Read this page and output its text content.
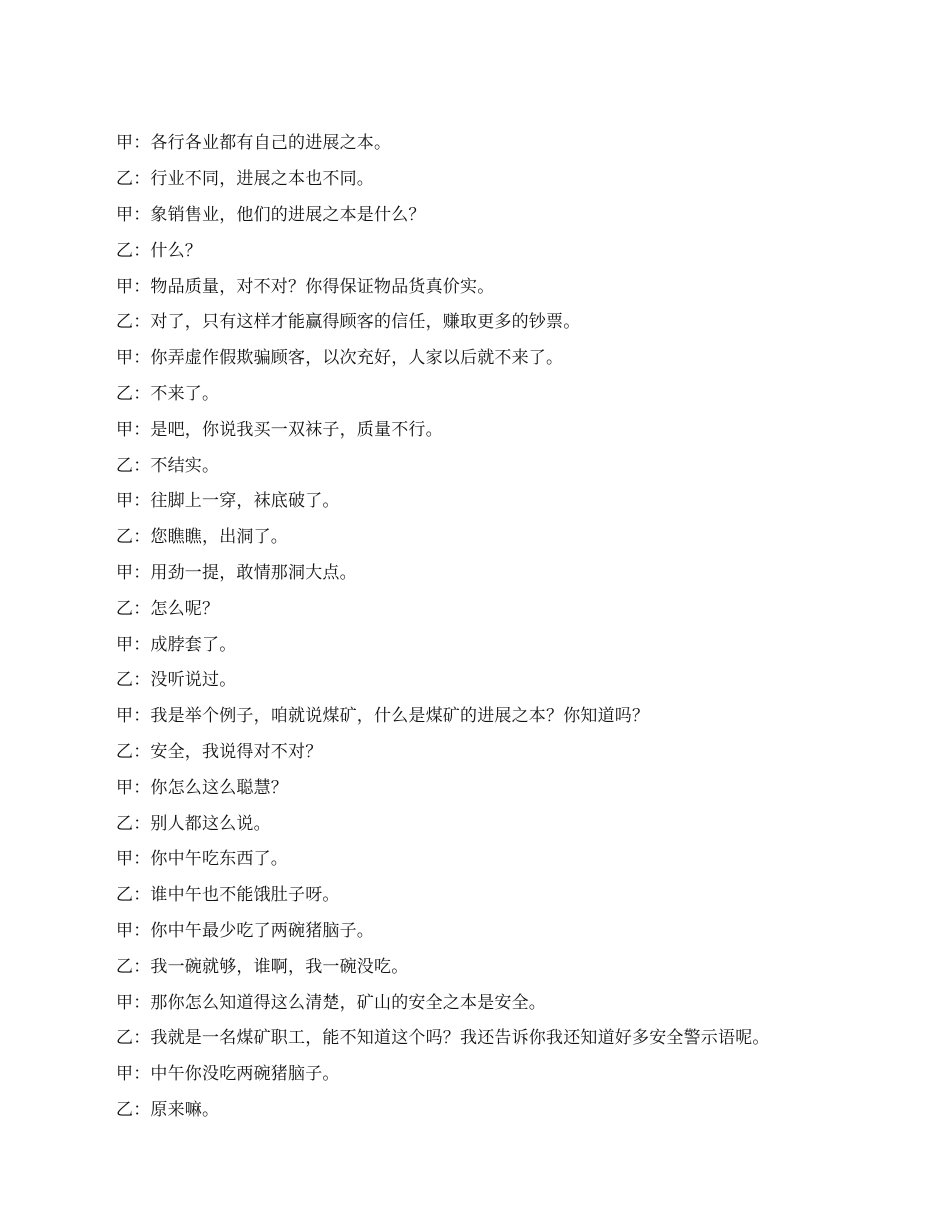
甲： 各行各业都有自己的进展之本。
乙： 行业不同，进展之本也不同。
甲： 象销售业，他们的进展之本是什么？
乙： 什么？
甲： 物品质量，对不对？你得保证物品货真价实。
乙： 对了，只有这样才能赢得顾客的信任，赚取更多的钞票。
甲： 你弄虚作假欺骗顾客，以次充好，人家以后就不来了。
乙： 不来了。
甲： 是吧，你说我买一双袜子，质量不行。
乙： 不结实。
甲： 往脚上一穿，袜底破了。
乙： 您瞧瞧，出洞了。
甲： 用劲一提，敢情那洞大点。
乙： 怎么呢？
甲： 成脖套了。
乙： 没听说过。
甲： 我是举个例子，咱就说煤矿，什么是煤矿的进展之本？你知道吗？
乙： 安全，我说得对不对？
甲： 你怎么这么聪慧？
乙： 别人都这么说。
甲： 你中午吃东西了。
乙： 谁中午也不能饿肚子呀。
甲： 你中午最少吃了两碗猪脑子。
乙： 我一碗就够，谁啊，我一碗没吃。
甲： 那你怎么知道得这么清楚，矿山的安全之本是安全。
乙： 我就是一名煤矿职工，能不知道这个吗？我还告诉你我还知道好多安全警示语呢。
甲： 中午你没吃两碗猪脑子。
乙： 原来嘛。
